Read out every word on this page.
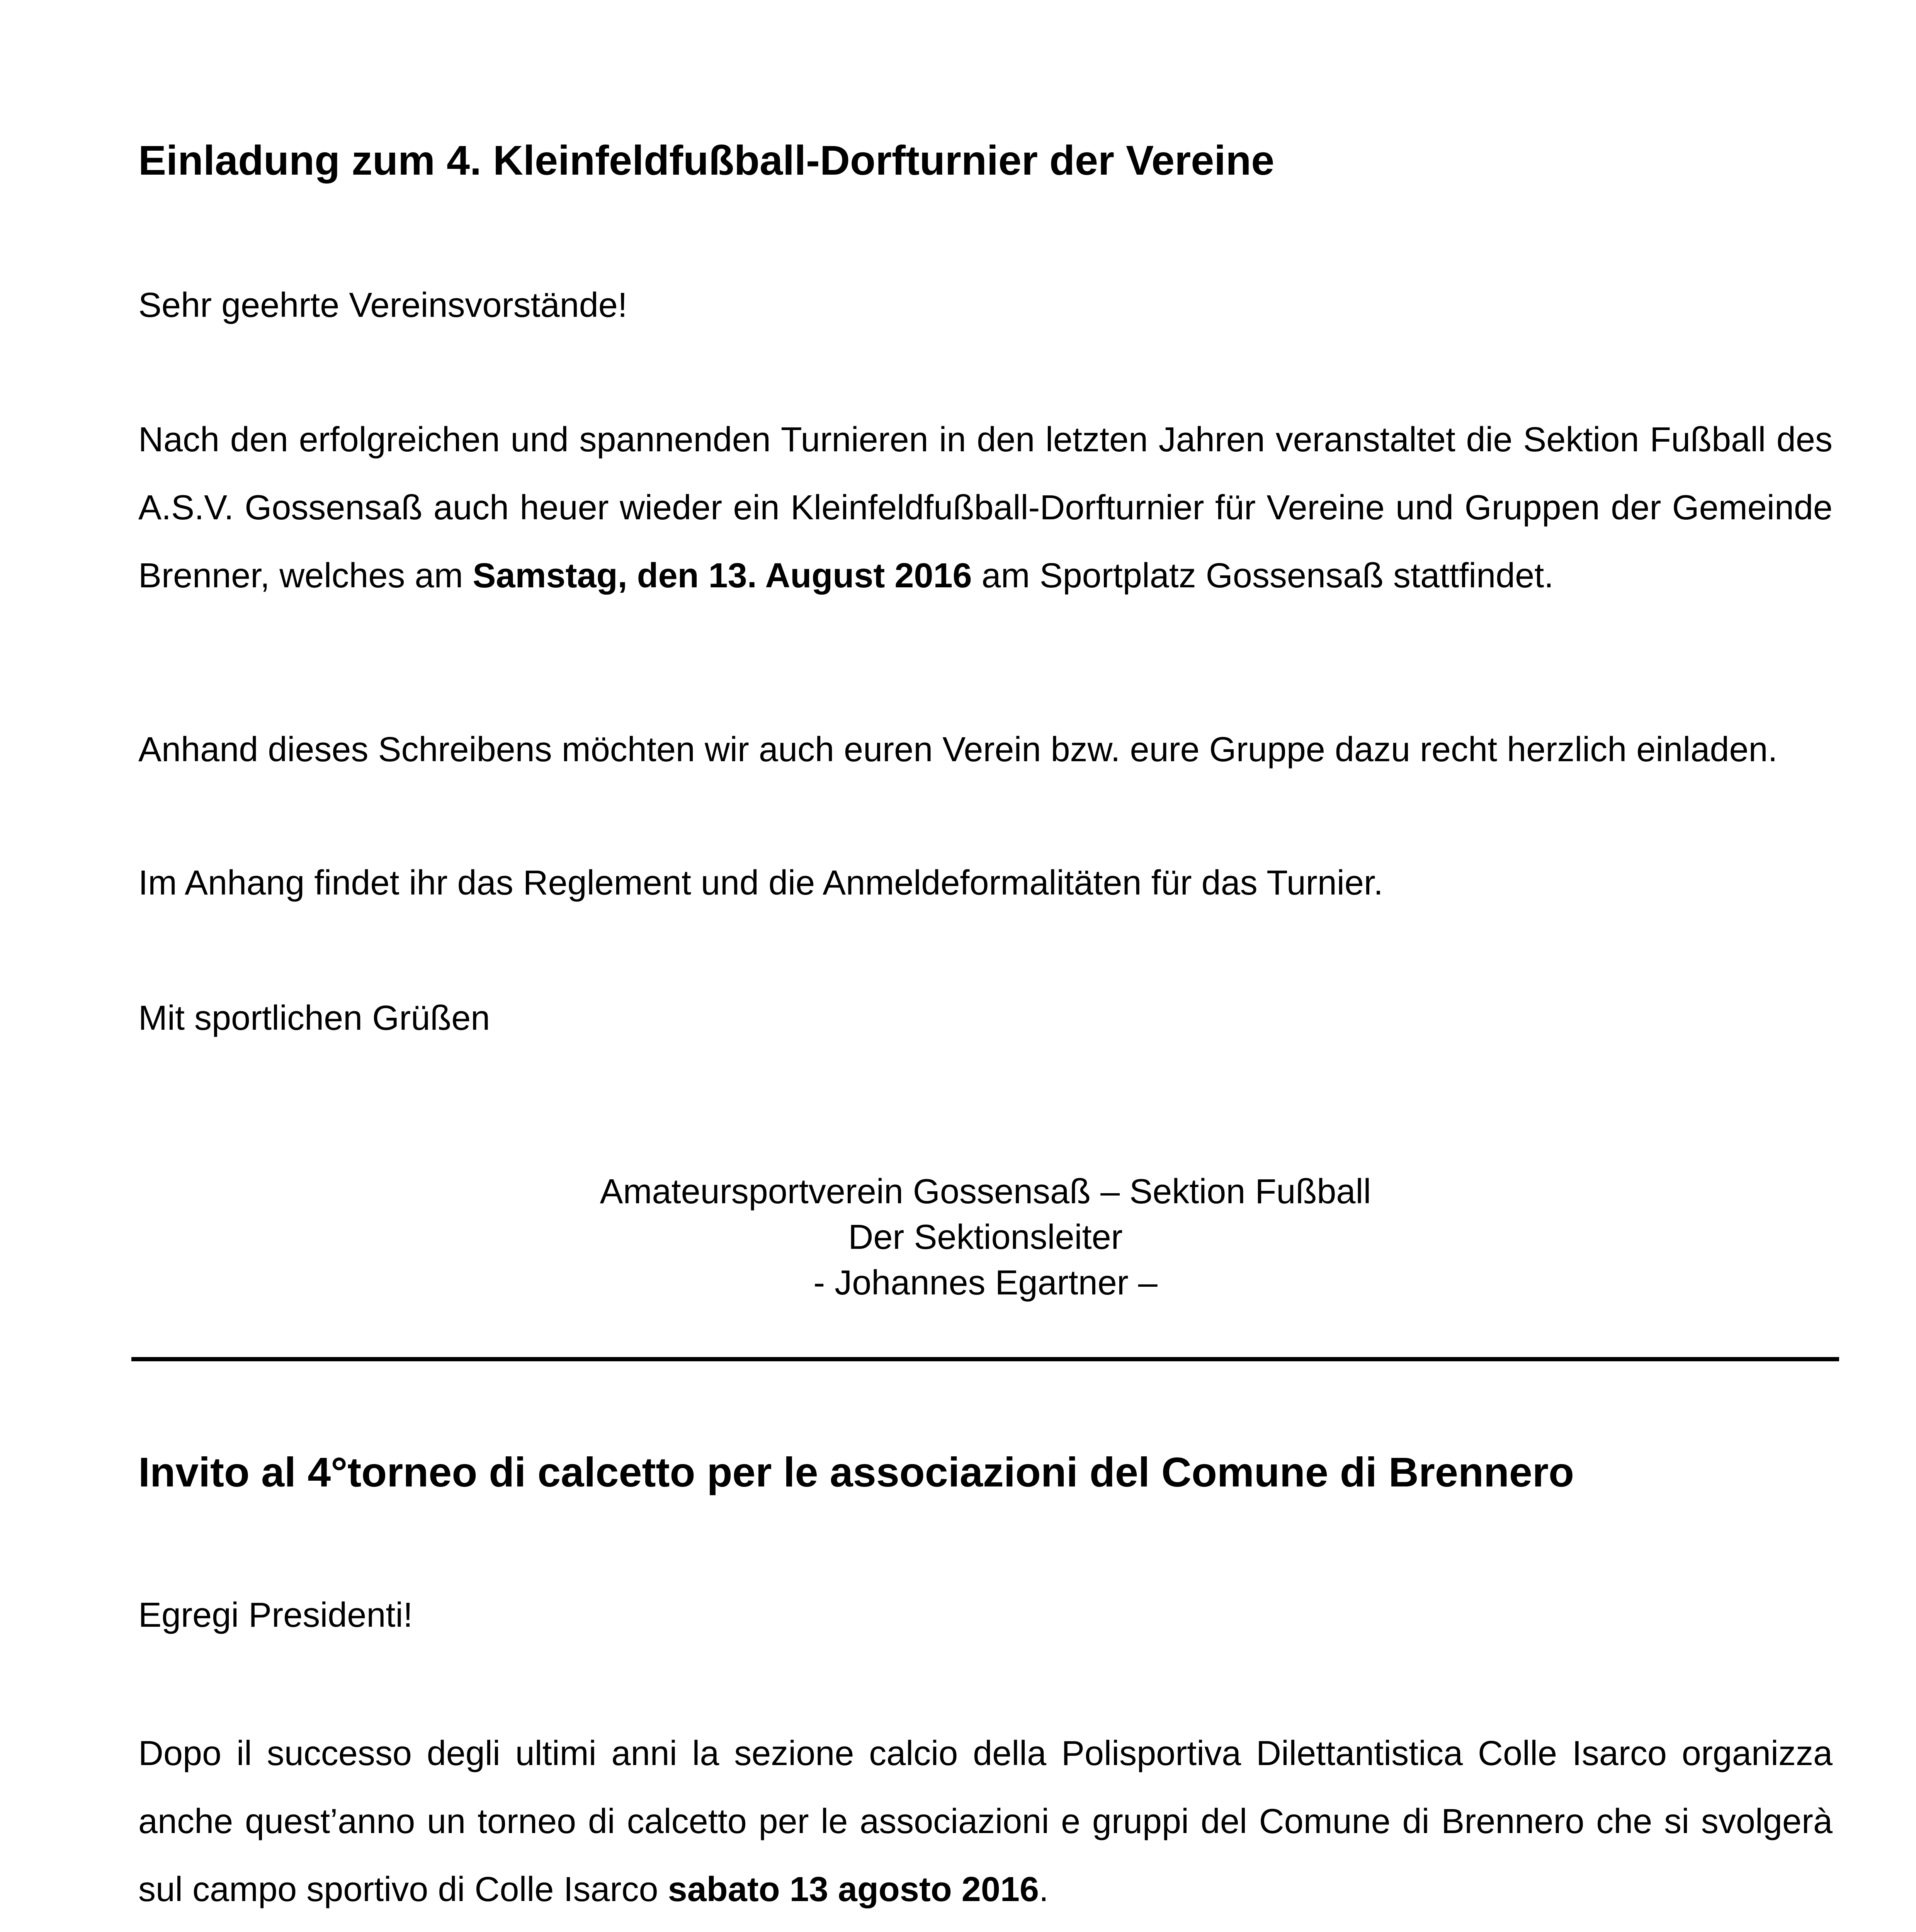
Einladung zum 4. Kleinfeldfußball-Dorfturnier der Vereine

Sehr geehrte Vereinsvorstände!

Nach den erfolgreichen und spannenden Turnieren in den letzten Jahren veranstaltet die Sektion Fußball des A.S.V. Gossensaß auch heuer wieder ein Kleinfeldfußball-Dorfturnier für Vereine und Gruppen der Gemeinde Brenner, welches am Samstag, den 13. August 2016 am Sportplatz Gossensaß stattfindet.

Anhand dieses Schreibens möchten wir auch euren Verein bzw. eure Gruppe dazu recht herzlich einladen.

Im Anhang findet ihr das Reglement und die Anmeldeformalitäten für das Turnier.

Mit sportlichen Grüßen

Amateursportverein Gossensaß – Sektion Fußball
Der Sektionsleiter
- Johannes Egartner –
Invito al 4°torneo di calcetto per le associazioni del Comune di Brennero

Egregi Presidenti!

Dopo il successo degli ultimi anni la sezione calcio della Polisportiva Dilettantistica Colle Isarco organizza anche quest’anno un torneo di calcetto per le associazioni e gruppi del Comune di Brennero che si svolgerà sul campo sportivo di Colle Isarco sabato 13 agosto 2016.
